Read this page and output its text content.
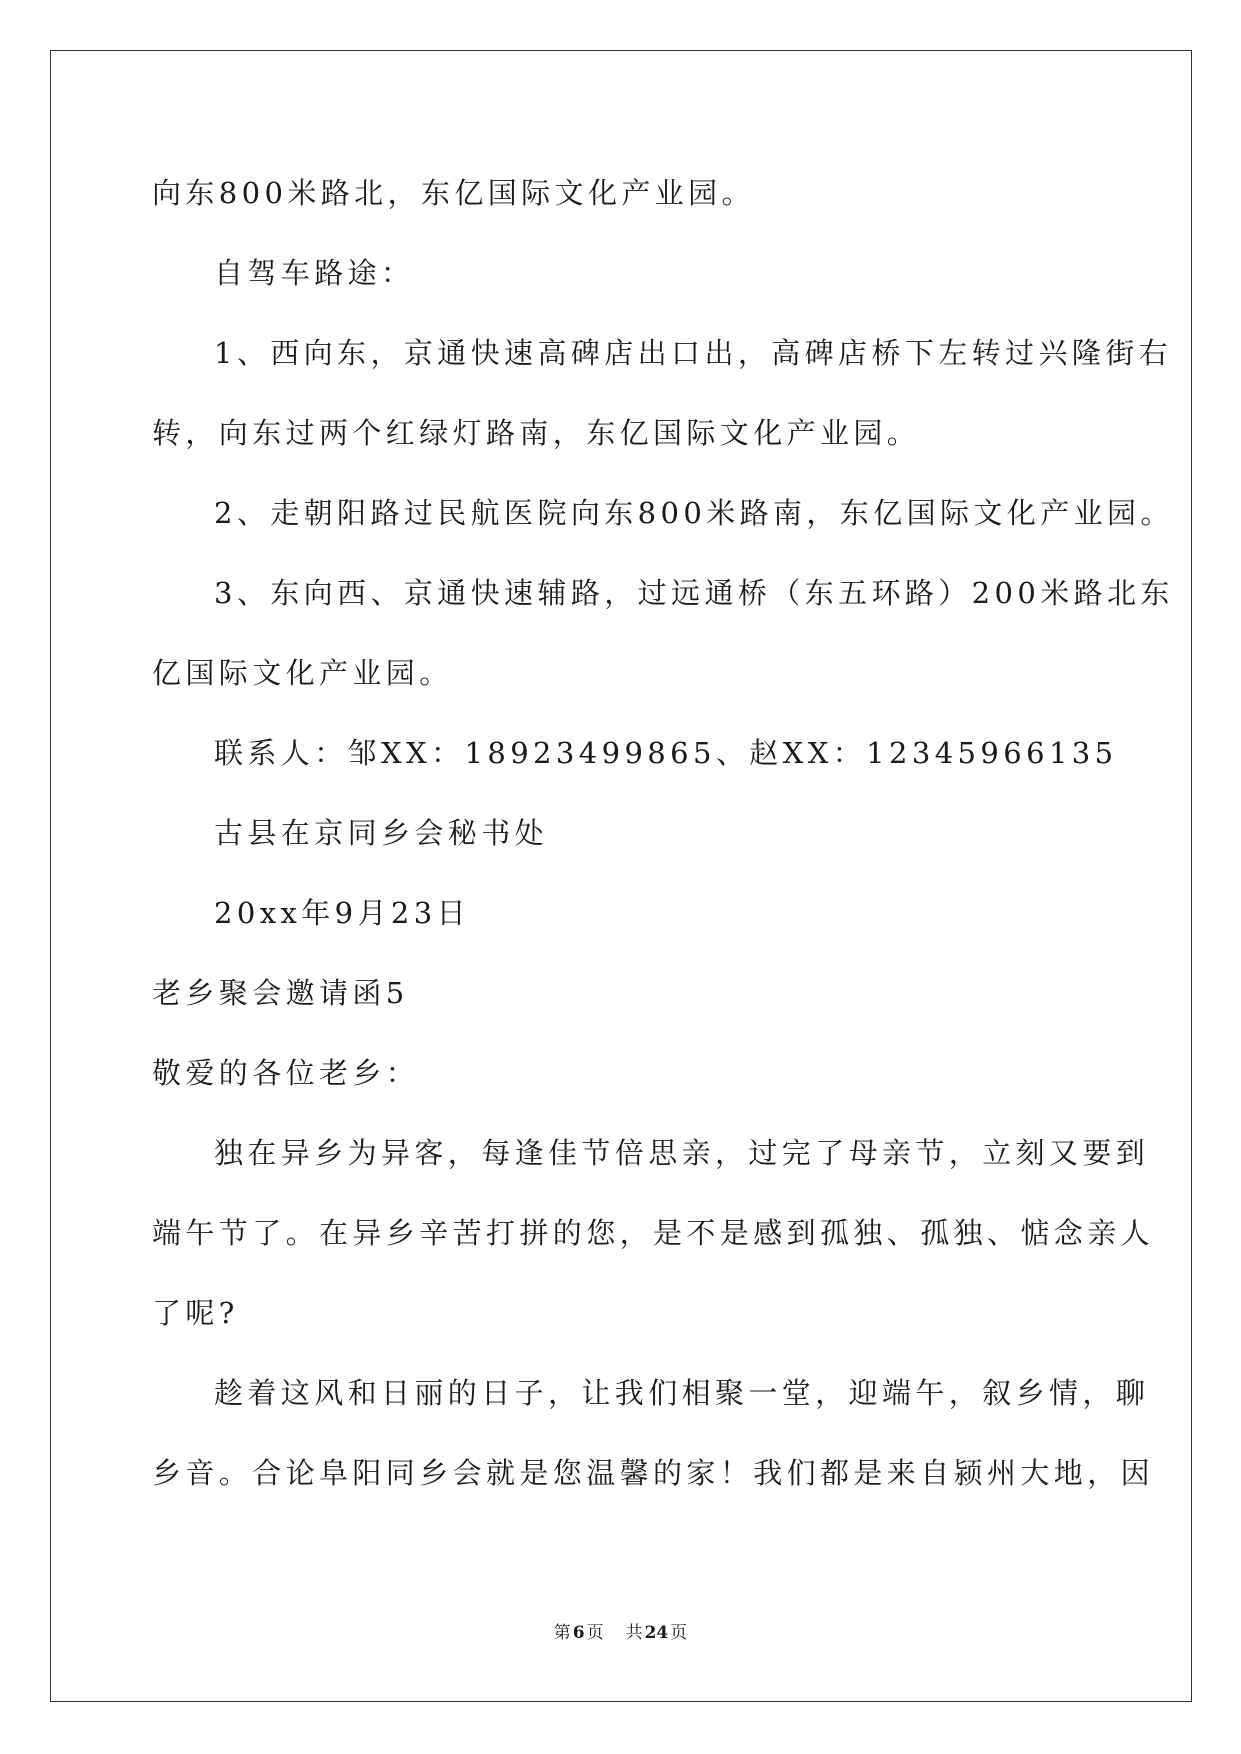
向东800米路北，东亿国际文化产业园。
自驾车路途：
1、西向东，京通快速高碑店出口出，高碑店桥下左转过兴隆街右
转，向东过两个红绿灯路南，东亿国际文化产业园。
2、走朝阳路过民航医院向东800米路南，东亿国际文化产业园。
3、东向西、京通快速辅路，过远通桥（东五环路）200米路北东
亿国际文化产业园。
联系人：邹XX：18923499865、赵XX：12345966135
古县在京同乡会秘书处
20xx年9月23日
老乡聚会邀请函5
敬爱的各位老乡：
独在异乡为异客，每逢佳节倍思亲，过完了母亲节，立刻又要到
端午节了。在异乡辛苦打拼的您，是不是感到孤独、孤独、惦念亲人
了呢?
趁着这风和日丽的日子，让我们相聚一堂，迎端午，叙乡情，聊
乡音。合论阜阳同乡会就是您温馨的家！我们都是来自颍州大地，因
第 6 页 共 24 页
